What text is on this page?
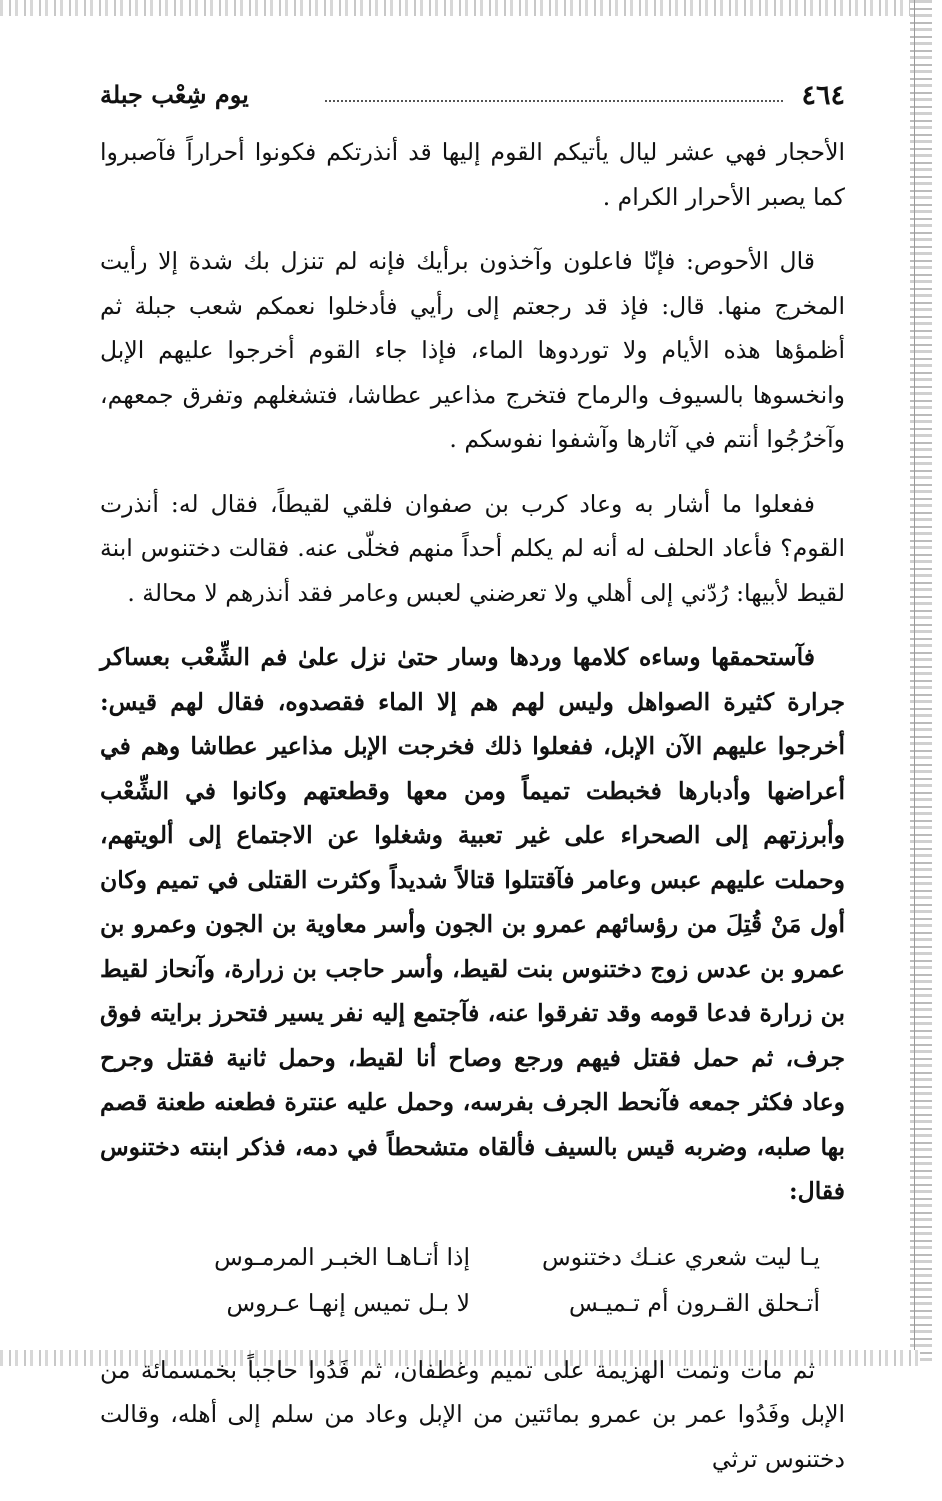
٤٦٤
يوم شِعْب جبلة

الأحجار فهي عشر ليال يأتيكم القوم إليها قد أنذرتكم فكونوا أحراراً فآصبروا كما يصبر الأحرار الكرام .

قال الأحوص: فإنّا فاعلون وآخذون برأيك فإنه لم تنزل بك شدة إلا رأيت المخرج منها. قال: فإذ قد رجعتم إلى رأيي فأدخلوا نعمكم شعب جبلة ثم أظمؤها هذه الأيام ولا توردوها الماء، فإذا جاء القوم أخرجوا عليهم الإبل وانخسوها بالسيوف والرماح فتخرج مذاعير عطاشا، فتشغلهم وتفرق جمعهم، وآخرُجُوا أنتم في آثارها وآشفوا نفوسكم .

ففعلوا ما أشار به وعاد كرب بن صفوان فلقي لقيطاً، فقال له: أنذرت القوم؟ فأعاد الحلف له أنه لم يكلم أحداً منهم فخلّى عنه. فقالت دختنوس ابنة لقيط لأبيها: رُدّني إلى أهلي ولا تعرضني لعبس وعامر فقد أنذرهم لا محالة .

فآستحمقها وساءه كلامها وردها وسار حتىٰ نزل علىٰ فم الشِّعْب بعساكر جرارة كثيرة الصواهل وليس لهم هم إلا الماء فقصدوه، فقال لهم قيس: أخرجوا عليهم الآن الإبل، ففعلوا ذلك فخرجت الإبل مذاعير عطاشا وهم في أعراضها وأدبارها فخبطت تميماً ومن معها وقطعتهم وكانوا في الشِّعْب وأبرزتهم إلى الصحراء على غير تعبية وشغلوا عن الاجتماع إلى ألويتهم، وحملت عليهم عبس وعامر فآقتتلوا قتالاً شديداً وكثرت القتلى في تميم وكان أول مَنْ قُتِلَ من رؤسائهم عمرو بن الجون وأسر معاوية بن الجون وعمرو بن عمرو بن عدس زوج دختنوس بنت لقيط، وأسر حاجب بن زرارة، وآنحاز لقيط بن زرارة فدعا قومه وقد تفرقوا عنه، فآجتمع إليه نفر يسير فتحرز برايته فوق جرف، ثم حمل فقتل فيهم ورجع وصاح أنا لقيط، وحمل ثانية فقتل وجرح وعاد فكثر جمعه فآنحط الجرف بفرسه، وحمل عليه عنترة فطعنه طعنة قصم بها صلبه، وضربه قيس بالسيف فألقاه متشحطاً في دمه، فذكر ابنته دختنوس فقال:

يـا ليت شعري عنـك دختنوس
إذا أتـاهـا الخبـر المرمـوس
أتـحلق القـرون أم تـميـس
لا بـل تميس إنهـا عـروس

ثم مات وتمت الهزيمة على تميم وغطفان، ثم فَدُوا حاجباً بخمسمائة من الإبل وفَدُوا عمر بن عمرو بمائتين من الإبل وعاد من سلم إلى أهله، وقالت دختنوس ترثي
